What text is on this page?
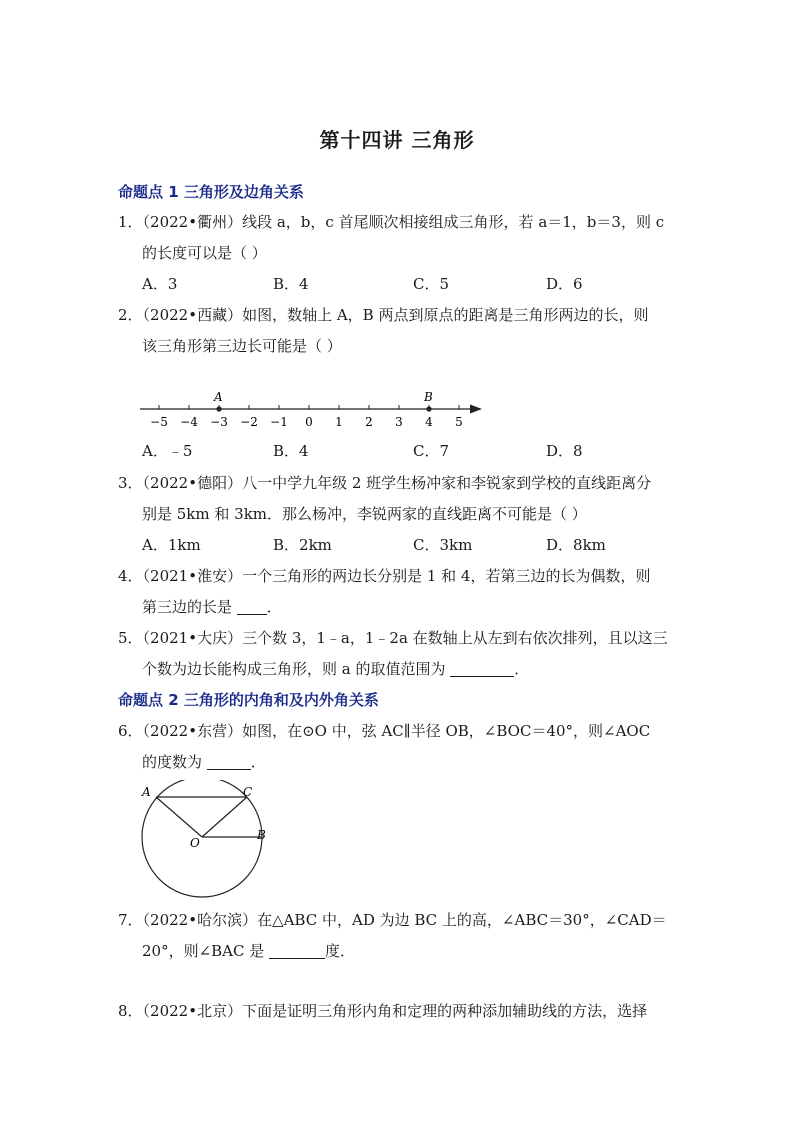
第十四讲 三角形
命题点 1 三角形及边角关系
1．（2022•衢州）线段 a，b，c 首尾顺次相接组成三角形，若 a＝1，b＝3，则 c
的长度可以是（ ）
A．3	B．4	C．5	D．6
2．（2022•西藏）如图，数轴上 A，B 两点到原点的距离是三角形两边的长，则
该三角形第三边长可能是（ ）
−5 −4 −3 −2 −1 0 1 2 3 4 5
A	B
A．﹣5	B．4	C．7	D．8
3．（2022•德阳）八一中学九年级 2 班学生杨冲家和李锐家到学校的直线距离分
别是 5km 和 3km．那么杨冲，李锐两家的直线距离不可能是（ ）
A．1km	B．2km	C．3km	D．8km
4．（2021•淮安）一个三角形的两边长分别是 1 和 4，若第三边的长为偶数，则
第三边的长是 ．
5．（2021•大庆）三个数 3，1﹣a，1﹣2a 在数轴上从左到右依次排列，且以这三
个数为边长能构成三角形，则 a 的取值范围为	．
命题点 2 三角形的内角和及内外角关系
6．（2022•东营）如图，在⊙O 中，弦 AC∥半径 OB，∠BOC＝40°，则∠AOC
的度数为	．
A	C
B
O
7．（2022•哈尔滨）在△ABC 中，AD 为边 BC 上的高，∠ABC＝30°，∠CAD＝
20°，则∠BAC 是	度．
8．（2022•北京）下面是证明三角形内角和定理的两种添加辅助线的方法，选择
